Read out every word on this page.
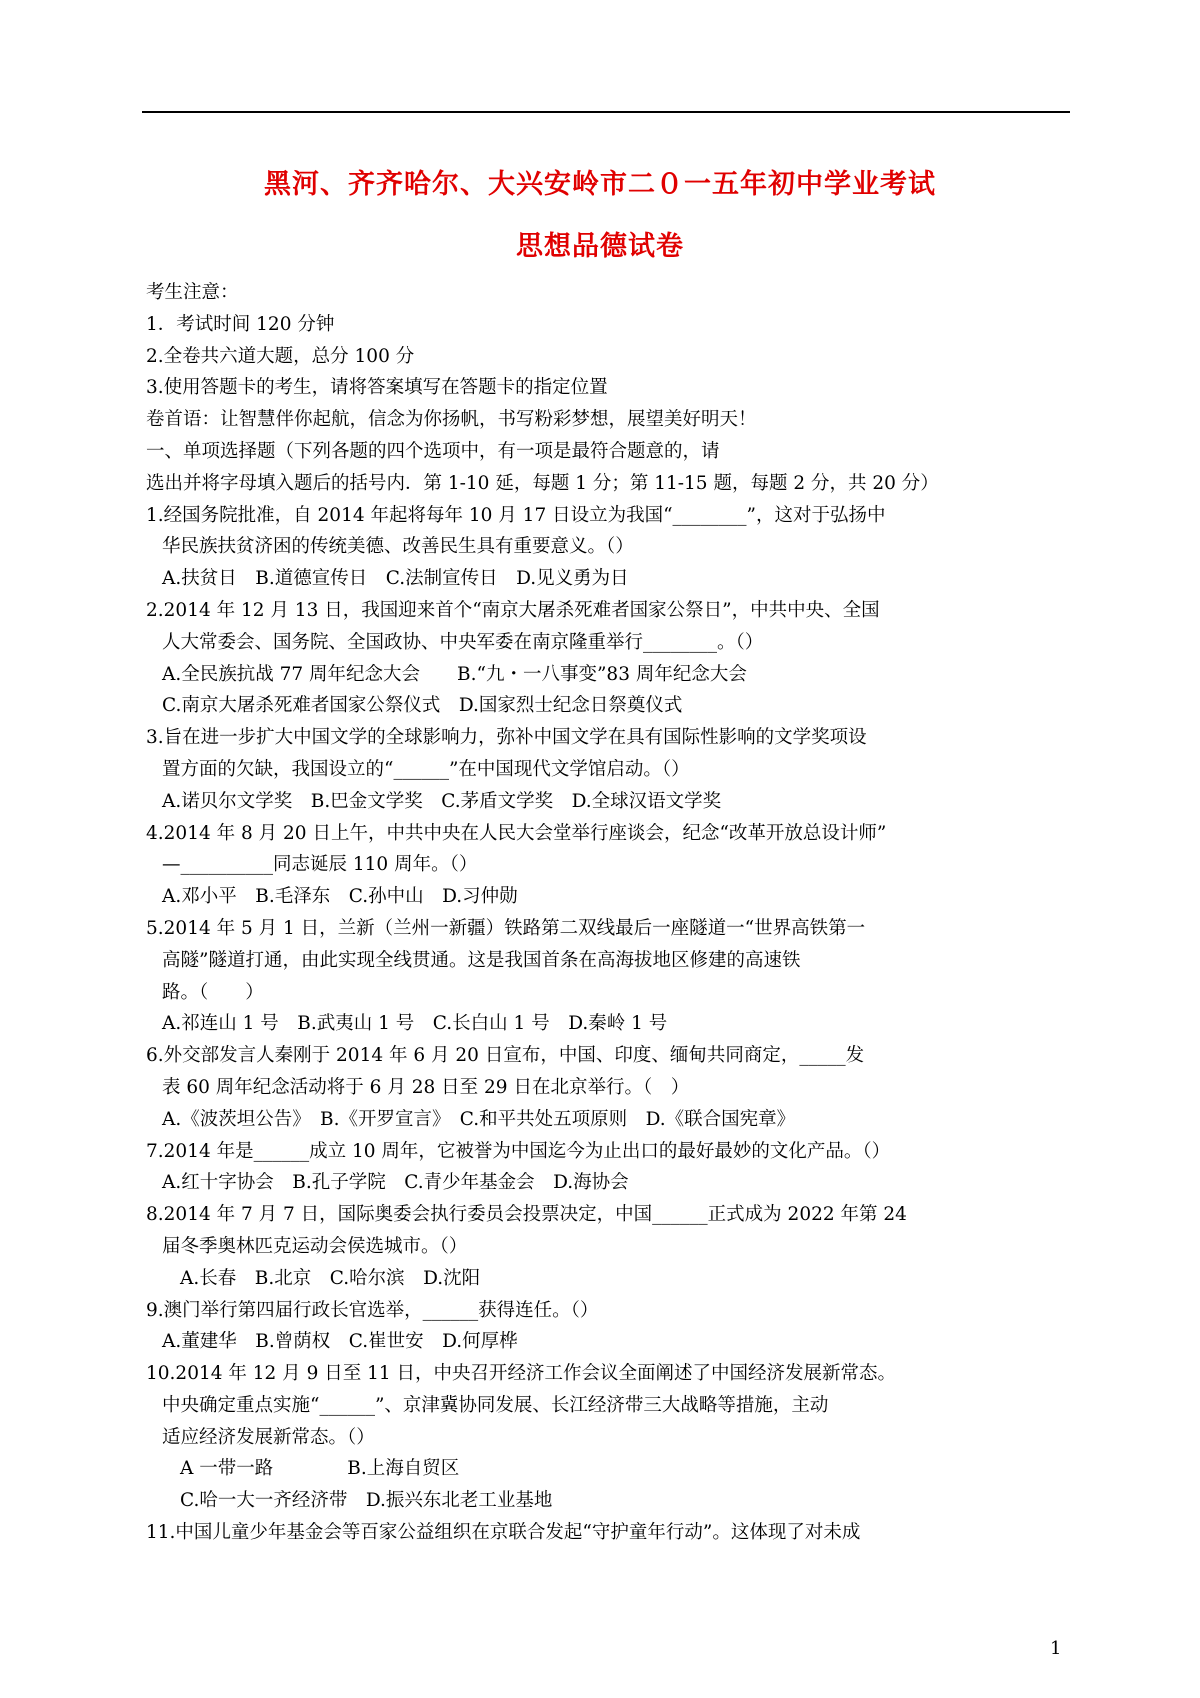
黑河、齐齐哈尔、大兴安岭市二０一五年初中学业考试
思想品德试卷
考生注意：
1．考试时间 120 分钟
2.全卷共六道大题，总分 100 分
3.使用答题卡的考生，请将答案填写在答题卡的指定位置
卷首语：让智慧伴你起航，信念为你扬帆，书写粉彩梦想，展望美好明天！
一、单项选择题（下列各题的四个选项中，有一项是最符合题意的，请
选出并将字母填入题后的括号内．第 1-10 延，每题 1 分；第 11-15 题，每题 2 分，共 20 分）
1.经国务院批准，自 2014 年起将每年 10 月 17 日设立为我国“________”，这对于弘扬中
华民族扶贫济困的传统美德、改善民生具有重要意义。（）
A.扶贫日　B.道德宣传日　C.法制宣传日　D.见义勇为日
2.2014 年 12 月 13 日，我国迎来首个“南京大屠杀死难者国家公祭日”，中共中央、全国
人大常委会、国务院、全国政协、中央军委在南京隆重举行________。（）
A.全民族抗战 77 周年纪念大会　　B.“九・一八事变”83 周年纪念大会
C.南京大屠杀死难者国家公祭仪式　D.国家烈士纪念日祭奠仪式
3.旨在进一步扩大中国文学的全球影响力，弥补中国文学在具有国际性影响的文学奖项设
置方面的欠缺，我国设立的“______”在中国现代文学馆启动。（）
A.诺贝尔文学奖　B.巴金文学奖　C.茅盾文学奖　D.全球汉语文学奖
4.2014 年 8 月 20 日上午，中共中央在人民大会堂举行座谈会，纪念“改革开放总设计师”
—__________同志诞辰 110 周年。（）
A.邓小平　B.毛泽东　C.孙中山　D.习仲勋
5.2014 年 5 月 1 日，兰新（兰州一新疆）铁路第二双线最后一座隧道一“世界高铁第一
高隧”隧道打通，由此实现全线贯通。这是我国首条在高海拔地区修建的高速铁
路。（　　）
A.祁连山 1 号　B.武夷山 1 号　C.长白山 1 号　D.秦岭 1 号
6.外交部发言人秦刚于 2014 年 6 月 20 日宣布，中国、印度、缅甸共同商定，_____发
表 60 周年纪念活动将于 6 月 28 日至 29 日在北京举行。（　）
A.《波茨坦公告》　B.《开罗宣言》　C.和平共处五项原则　D.《联合国宪章》
7.2014 年是______成立 10 周年，它被誉为中国迄今为止出口的最好最妙的文化产品。（）
A.红十字协会　B.孔子学院　C.青少年基金会　D.海协会
8.2014 年 7 月 7 日，国际奥委会执行委员会投票决定，中国______正式成为 2022 年第 24
届冬季奥林匹克运动会侯选城市。（）
A.长春　B.北京　C.哈尔滨　D.沈阳
9.澳门举行第四届行政长官选举，______获得连任。（）
A.董建华　B.曾荫权　C.崔世安　D.何厚桦
10.2014 年 12 月 9 日至 11 日，中央召开经济工作会议全面阐述了中国经济发展新常态。
中央确定重点实施“______”、京津冀协同发展、长江经济带三大战略等措施，主动
适应经济发展新常态。（）
A 一带一路　　　　B.上海自贸区
C.哈一大一齐经济带　D.振兴东北老工业基地
11.中国儿童少年基金会等百家公益组织在京联合发起“守护童年行动”。这体现了对未成
1
